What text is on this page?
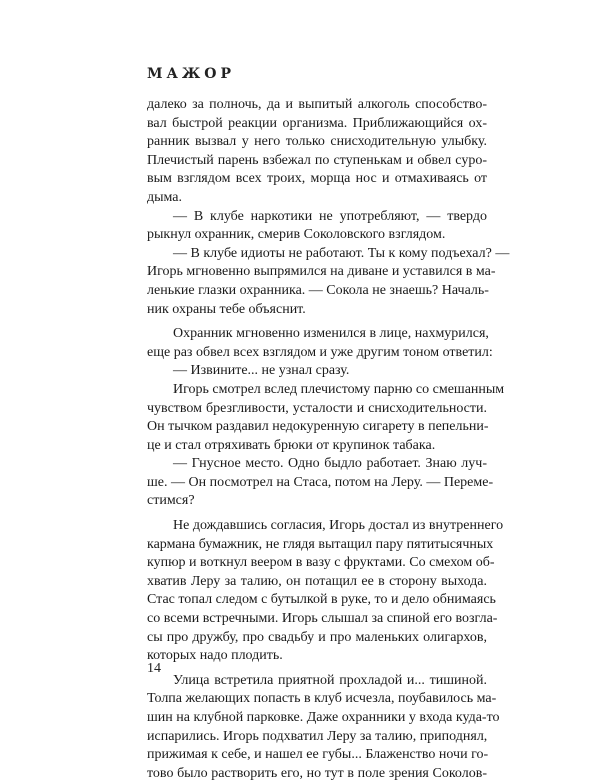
МАЖОР
далеко за полночь, да и выпитый алкоголь способство-
вал быстрой реакции организма. Приближающийся ох-
ранник вызвал у него только снисходительную улыбку.
Плечистый парень взбежал по ступенькам и обвел суро-
вым взглядом всех троих, морща нос и отмахиваясь от
дыма.
— В клубе наркотики не употребляют, — твердо
рыкнул охранник, смерив Соколовского взглядом.
— В клубе идиоты не работают. Ты к кому подъехал? —
Игорь мгновенно выпрямился на диване и уставился в ма-
ленькие глазки охранника. — Сокола не знаешь? Началь-
ник охраны тебе объяснит.
Охранник мгновенно изменился в лице, нахмурился,
еще раз обвел всех взглядом и уже другим тоном ответил:
— Извините... не узнал сразу.
Игорь смотрел вслед плечистому парню со смешанным
чувством брезгливости, усталости и снисходительности.
Он тычком раздавил недокуренную сигарету в пепельни-
це и стал отряхивать брюки от крупинок табака.
— Гнусное место. Одно быдло работает. Знаю луч-
ше. — Он посмотрел на Стаса, потом на Леру. — Переме-
стимся?
Не дождавшись согласия, Игорь достал из внутреннего
кармана бумажник, не глядя вытащил пару пятитысячных
купюр и воткнул веером в вазу с фруктами. Со смехом об-
хватив Леру за талию, он потащил ее в сторону выхода.
Стас топал следом с бутылкой в руке, то и дело обнимаясь
со всеми встречными. Игорь слышал за спиной его возгла-
сы про дружбу, про свадьбу и про маленьких олигархов,
которых надо плодить.
Улица встретила приятной прохладой и... тишиной.
Толпа желающих попасть в клуб исчезла, поубавилось ма-
шин на клубной парковке. Даже охранники у входа куда-то
испарились. Игорь подхватил Леру за талию, приподнял,
прижимая к себе, и нашел ее губы... Блаженство ночи го-
тово было растворить его, но тут в поле зрения Соколов-
14
